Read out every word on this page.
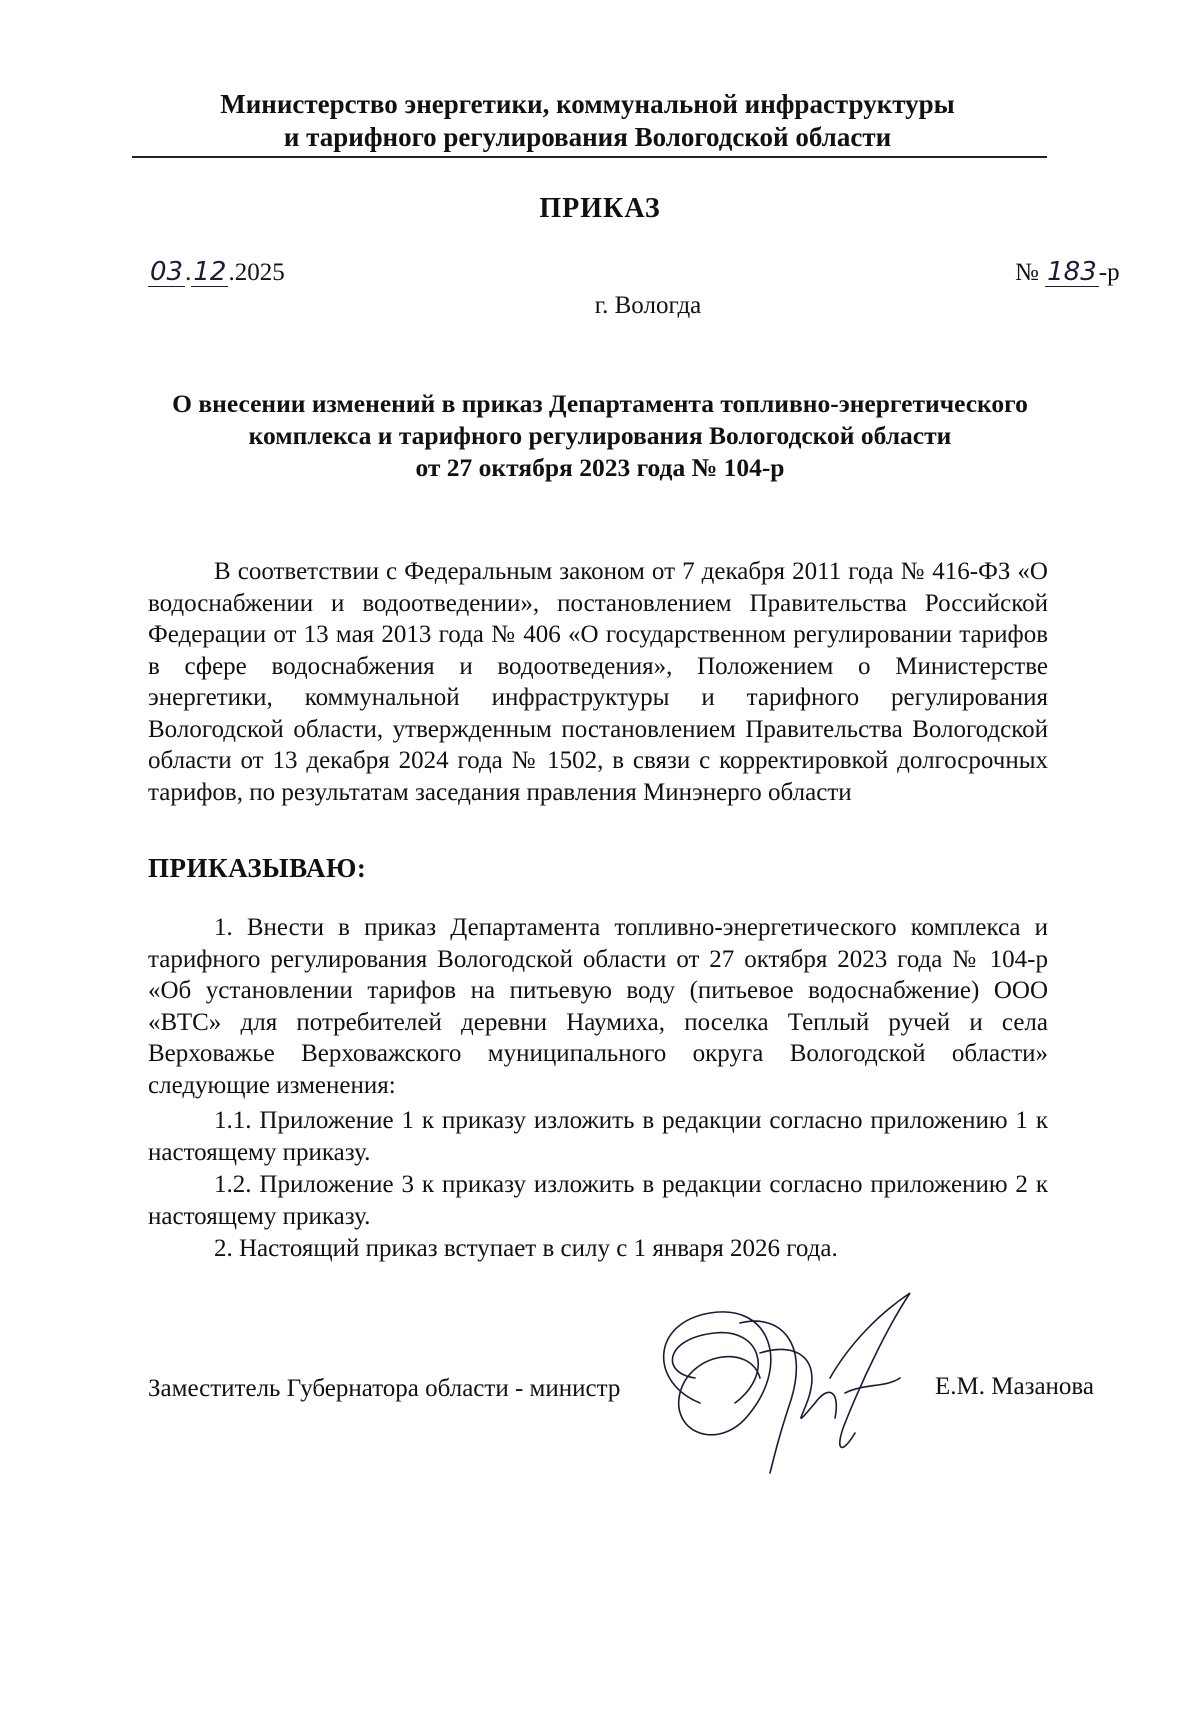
Министерство энергетики, коммунальной инфраструктуры
и тарифного регулирования Вологодской области
ПРИКАЗ
03.12.2025	№ 183-р
г. Вологда
О внесении изменений в приказ Департамента топливно-энергетического
комплекса и тарифного регулирования Вологодской области
от 27 октября 2023 года № 104-р
В соответствии с Федеральным законом от 7 декабря 2011 года № 416-ФЗ «О водоснабжении и водоотведении», постановлением Правительства Российской Федерации от 13 мая 2013 года № 406 «О государственном регулировании тарифов в сфере водоснабжения и водоотведения», Положением о Министерстве энергетики, коммунальной инфраструктуры и тарифного регулирования Вологодской области, утвержденным постановлением Правительства Вологодской области от 13 декабря 2024 года № 1502, в связи с корректировкой долгосрочных тарифов, по результатам заседания правления Минэнерго области
ПРИКАЗЫВАЮ:
1. Внести в приказ Департамента топливно-энергетического комплекса и тарифного регулирования Вологодской области от 27 октября 2023 года № 104-р «Об установлении тарифов на питьевую воду (питьевое водоснабжение) ООО «ВТС» для потребителей деревни Наумиха, поселка Теплый ручей и села Верховажье Верховажского муниципального округа Вологодской области» следующие изменения:
1.1. Приложение 1 к приказу изложить в редакции согласно приложению 1 к настоящему приказу.
1.2. Приложение 3 к приказу изложить в редакции согласно приложению 2 к настоящему приказу.
2. Настоящий приказ вступает в силу с 1 января 2026 года.
Заместитель Губернатора области - министр	Е.М. Мазанова
